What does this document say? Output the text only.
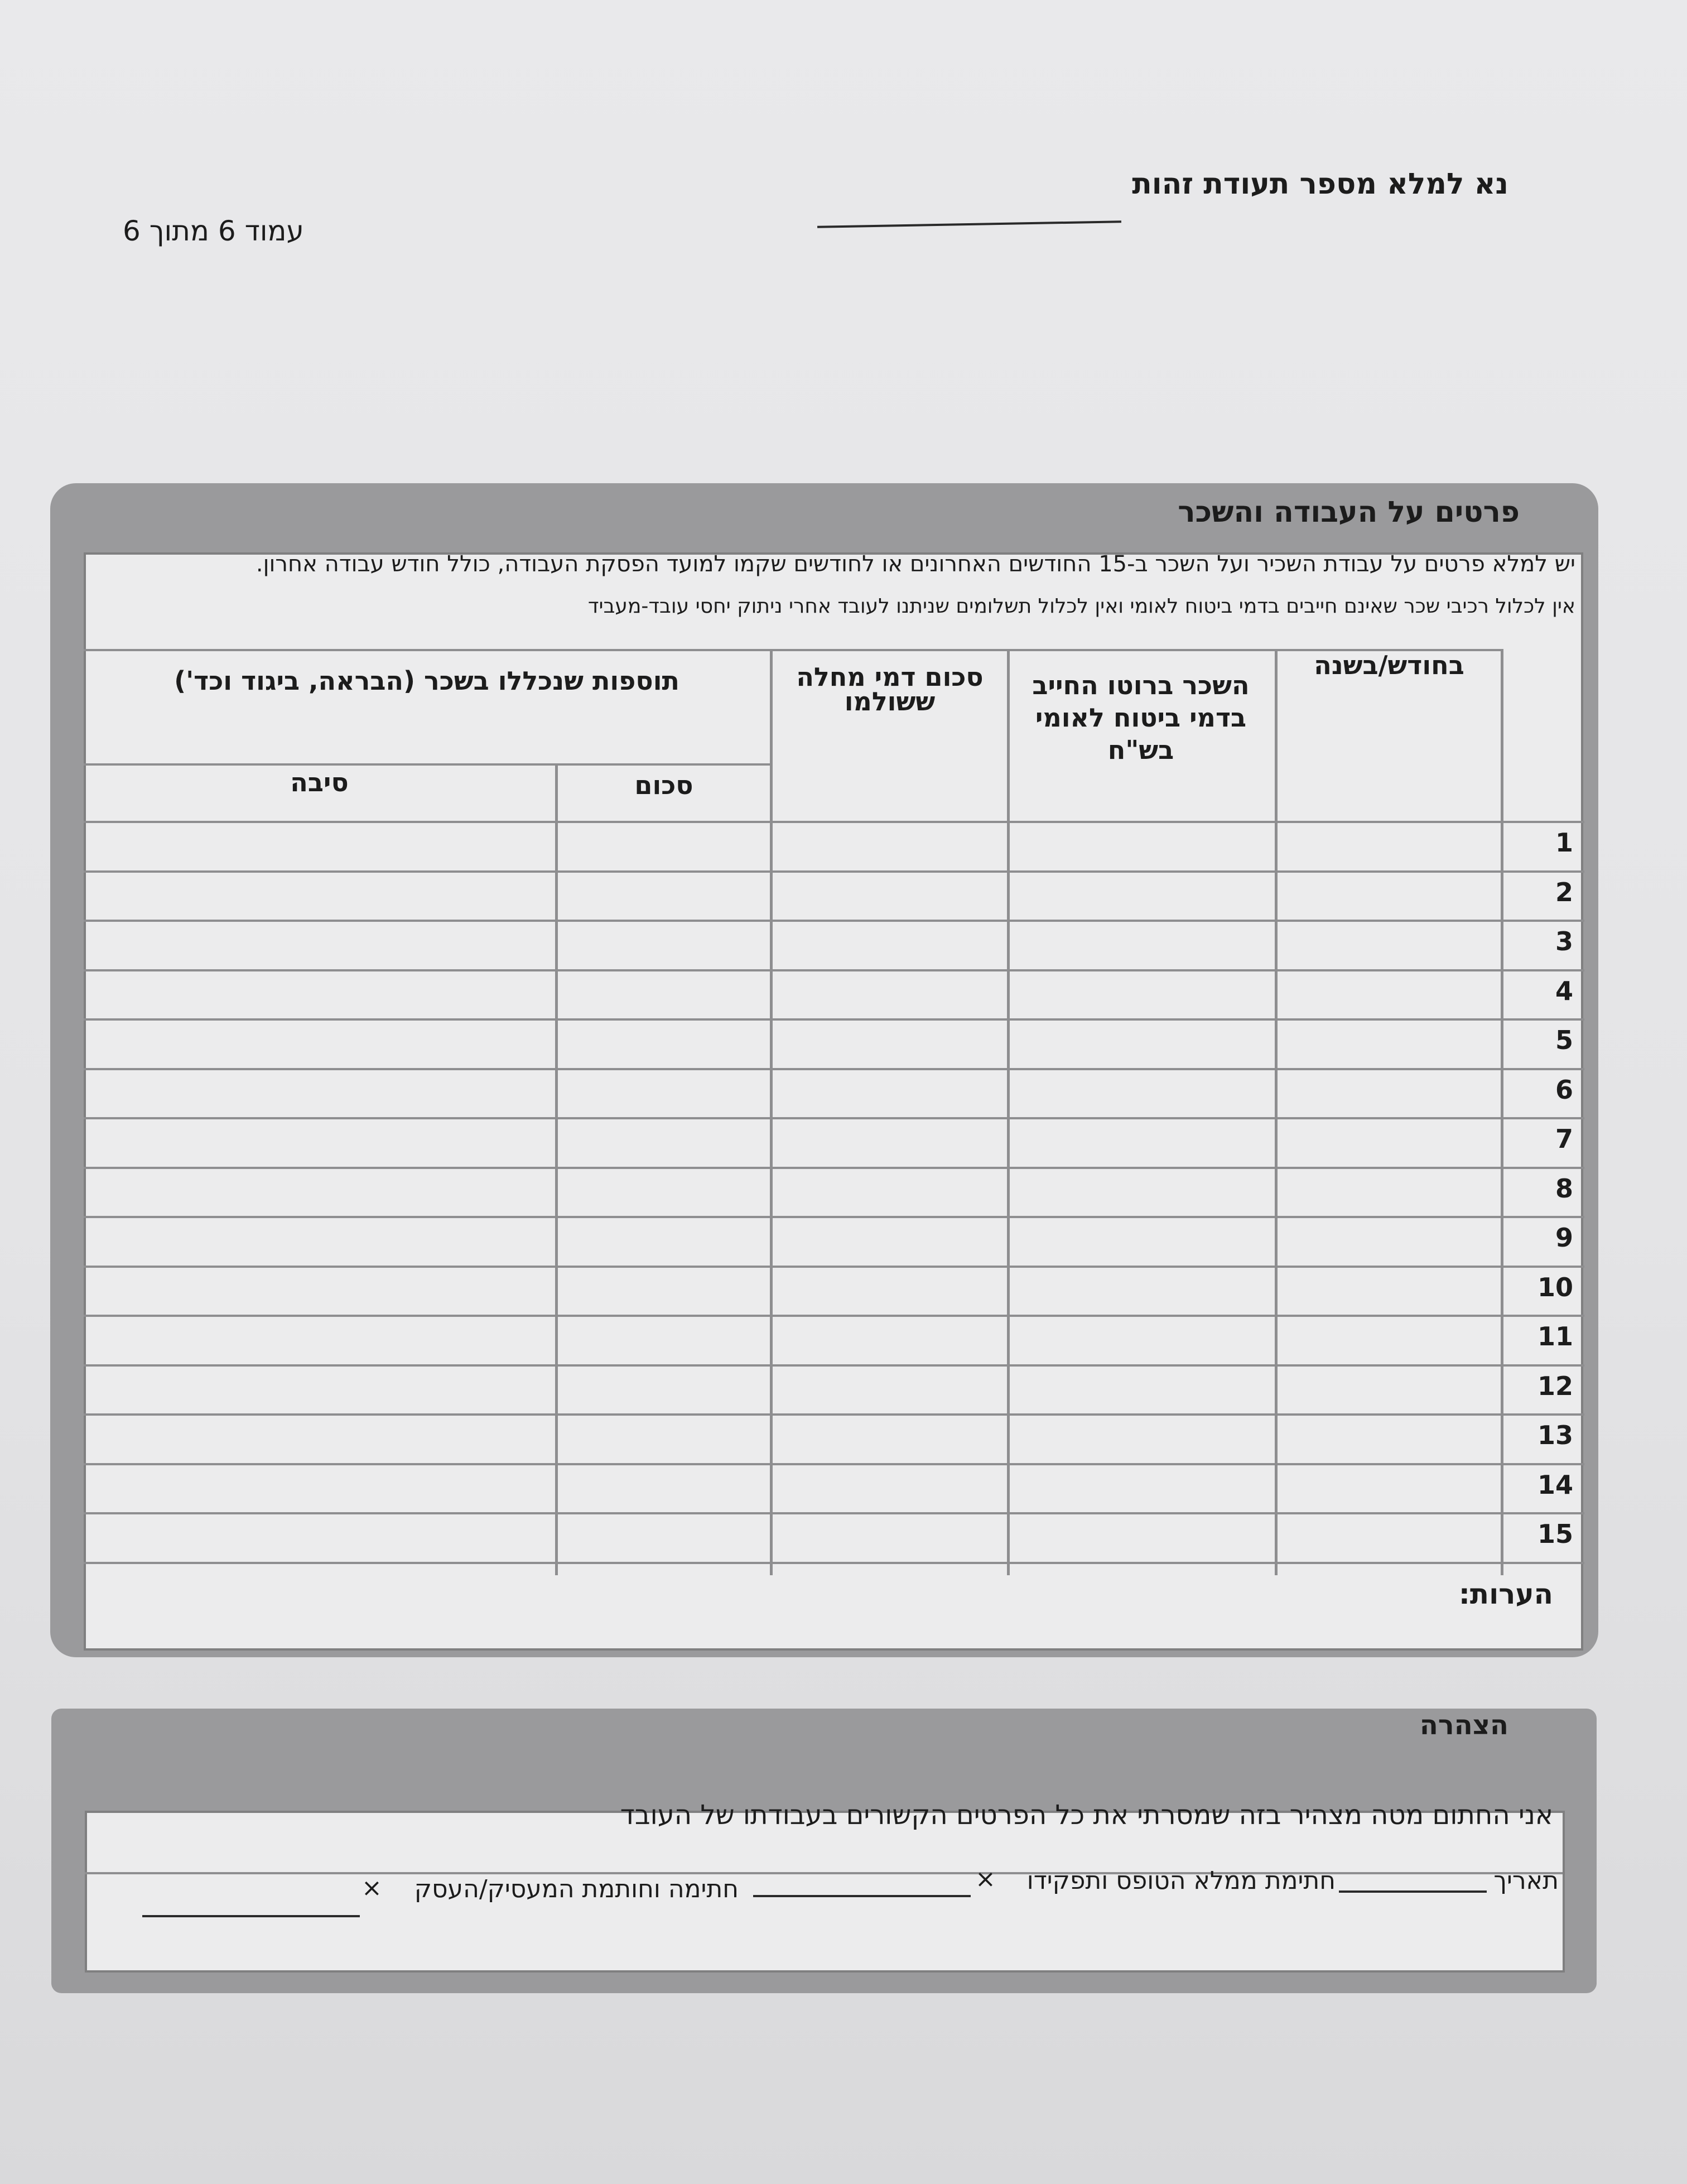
נא למלא מספר תעודת זהות
עמוד 6 מתוך 6
פרטים על העבודה והשכר
יש למלא פרטים על עבודת השכיר ועל השכר ב-15 החודשים האחרונים או לחודשים שקמו למועד הפסקת העבודה, כולל חודש עבודה אחרון.
אין לכלול רכיבי שכר שאינם חייבים בדמי ביטוח לאומי ואין לכלול תשלומים שניתנו לעובד אחרי ניתוק יחסי עובד-מעביד
בחודש/בשנה
השכר ברוטו החייב בדמי ביטוח לאומי בש"ח
סכום דמי מחלה ששולמו
תוספות שנכללו בשכר (הבראה, ביגוד וכד')
סכום
סיבה
1
2
3
4
5
6
7
8
9
10
11
12
13
14
15
הערות:
הצהרה
אני החתום מטה מצהיר בזה שמסרתי את כל הפרטים הקשורים בעבודתו של העובד
תאריך
חתימת ממלא הטופס ותפקידו
×
חתימה וחותמת המעסיק/העסק
×
